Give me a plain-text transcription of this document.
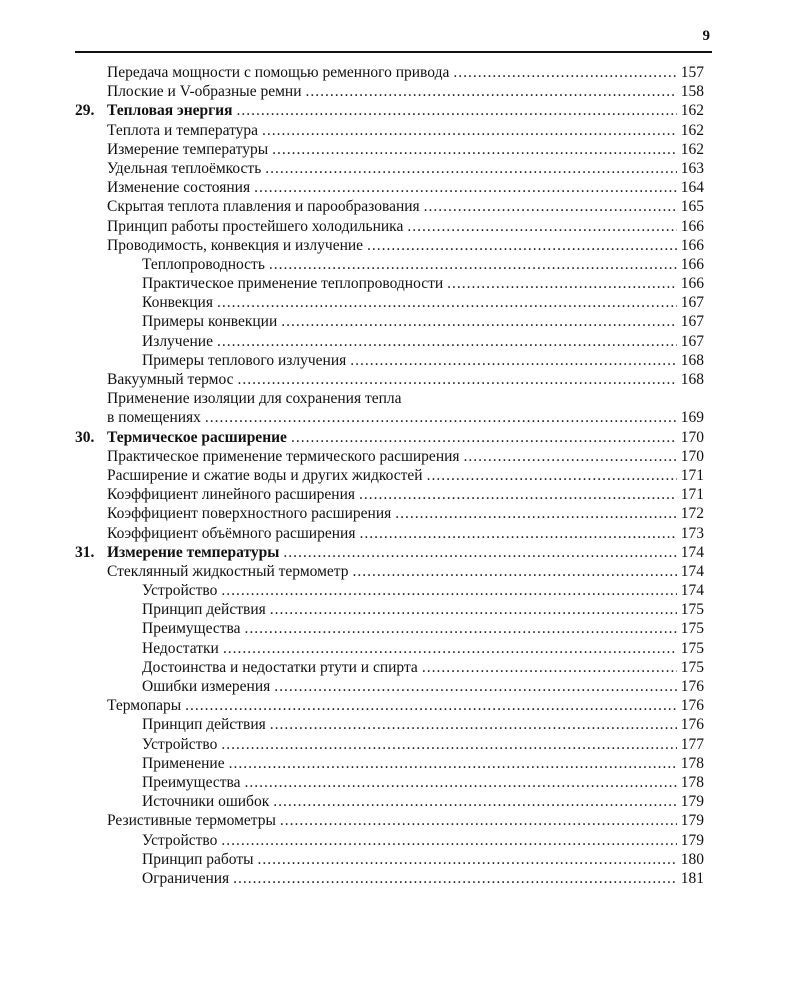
9
Передача мощности с помощью ременного привода .....	157
Плоские и V-образные ремни .....	158
29. Тепловая энергия .....	162
Теплота и температура .....	162
Измерение температуры .....	162
Удельная теплоёмкость .....	163
Изменение состояния .....	164
Скрытая теплота плавления и парообразования .....	165
Принцип работы простейшего холодильника .....	166
Проводимость, конвекция и излучение .....	166
Теплопроводность .....	166
Практическое применение теплопроводности .....	166
Конвекция .....	167
Примеры конвекции .....	167
Излучение .....	167
Примеры теплового излучения .....	168
Вакуумный термос .....	168
Применение изоляции для сохранения тепла
в помещениях .....	169
30. Термическое расширение .....	170
Практическое применение термического расширения .....	170
Расширение и сжатие воды и других жидкостей .....	171
Коэффициент линейного расширения .....	171
Коэффициент поверхностного расширения .....	172
Коэффициент объёмного расширения .....	173
31. Измерение температуры .....	174
Стеклянный жидкостный термометр .....	174
Устройство .....	174
Принцип действия .....	175
Преимущества .....	175
Недостатки .....	175
Достоинства и недостатки ртути и спирта .....	175
Ошибки измерения .....	176
Термопары .....	176
Принцип действия .....	176
Устройство .....	177
Применение .....	178
Преимущества .....	178
Источники ошибок .....	179
Резистивные термометры .....	179
Устройство .....	179
Принцип работы .....	180
Ограничения .....	181
